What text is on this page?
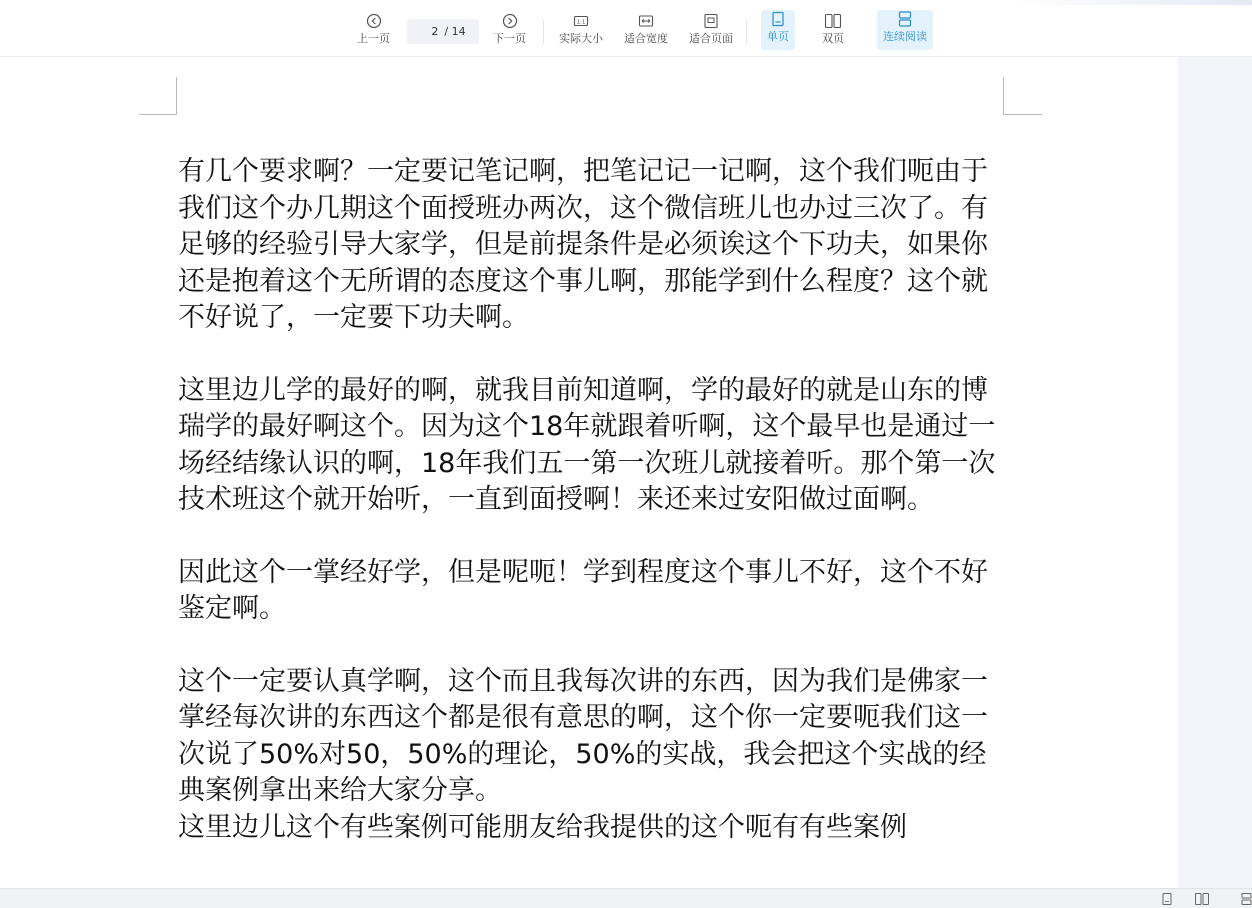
上一页
2
/ 14
下一页
1:1
实际大小 适合宽度 适合页面	单页	双页	连续阅读

有几个要求啊？一定要记笔记啊，把笔记记一记啊，这个我们呃由于我们这个办几期这个面授班办两次，这个微信班儿也办过三次了。有足够的经验引导大家学，但是前提条件是必须诶这个下功夫，如果你还是抱着这个无所谓的态度这个事儿啊，那能学到什么程度？这个就不好说了，一定要下功夫啊。

这里边儿学的最好的啊，就我目前知道啊，学的最好的就是山东的博瑞学的最好啊这个。因为这个18年就跟着听啊，这个最早也是通过一场经结缘认识的啊，18年我们五一第一次班儿就接着听。那个第一次技术班这个就开始听，一直到面授啊！来还来过安阳做过面啊。

因此这个一掌经好学，但是呢呃！学到程度这个事儿不好，这个不好鉴定啊。

这个一定要认真学啊，这个而且我每次讲的东西，因为我们是佛家一掌经每次讲的东西这个都是很有意思的啊，这个你一定要呃我们这一次说了50%对50，50%的理论，50%的实战，我会把这个实战的经典案例拿出来给大家分享。

这里边儿这个有些案例可能朋友给我提供的这个呃有有些案例
